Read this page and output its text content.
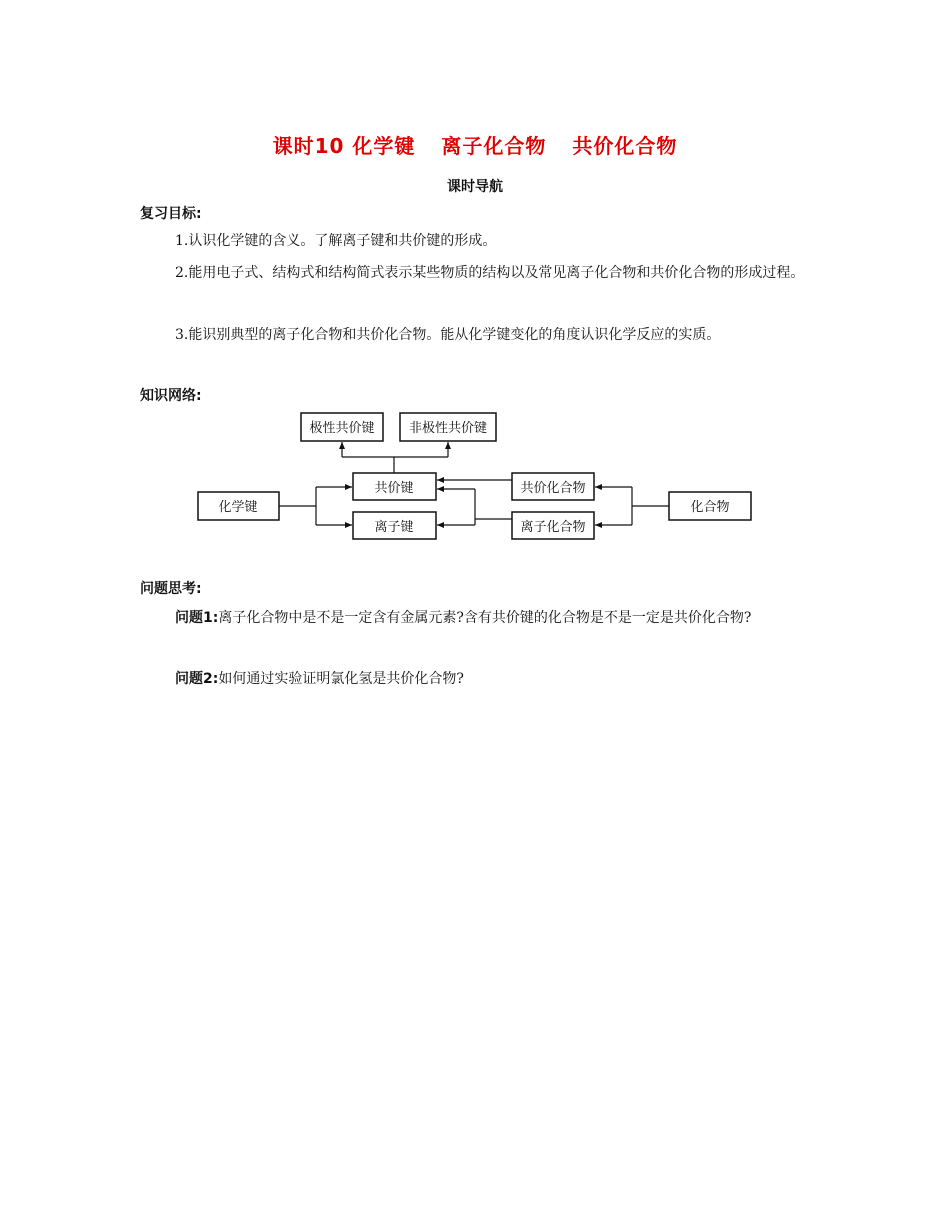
课时10 化学键 离子化合物 共价化合物
课时导航
复习目标:
1.认识化学键的含义。了解离子键和共价键的形成。
2.能用电子式、结构式和结构简式表示某些物质的结构以及常见离子化合物和共价化合物的形成过程。
3.能识别典型的离子化合物和共价化合物。能从化学键变化的角度认识化学反应的实质。
知识网络:
极性共价键	非极性共价键
化学键
共价键
离子键
共价化合物
离子化合物
化合物
问题思考:
问题1:离子化合物中是不是一定含有金属元素?含有共价键的化合物是不是一定是共价化合物?
问题2:如何通过实验证明氯化氢是共价化合物?
